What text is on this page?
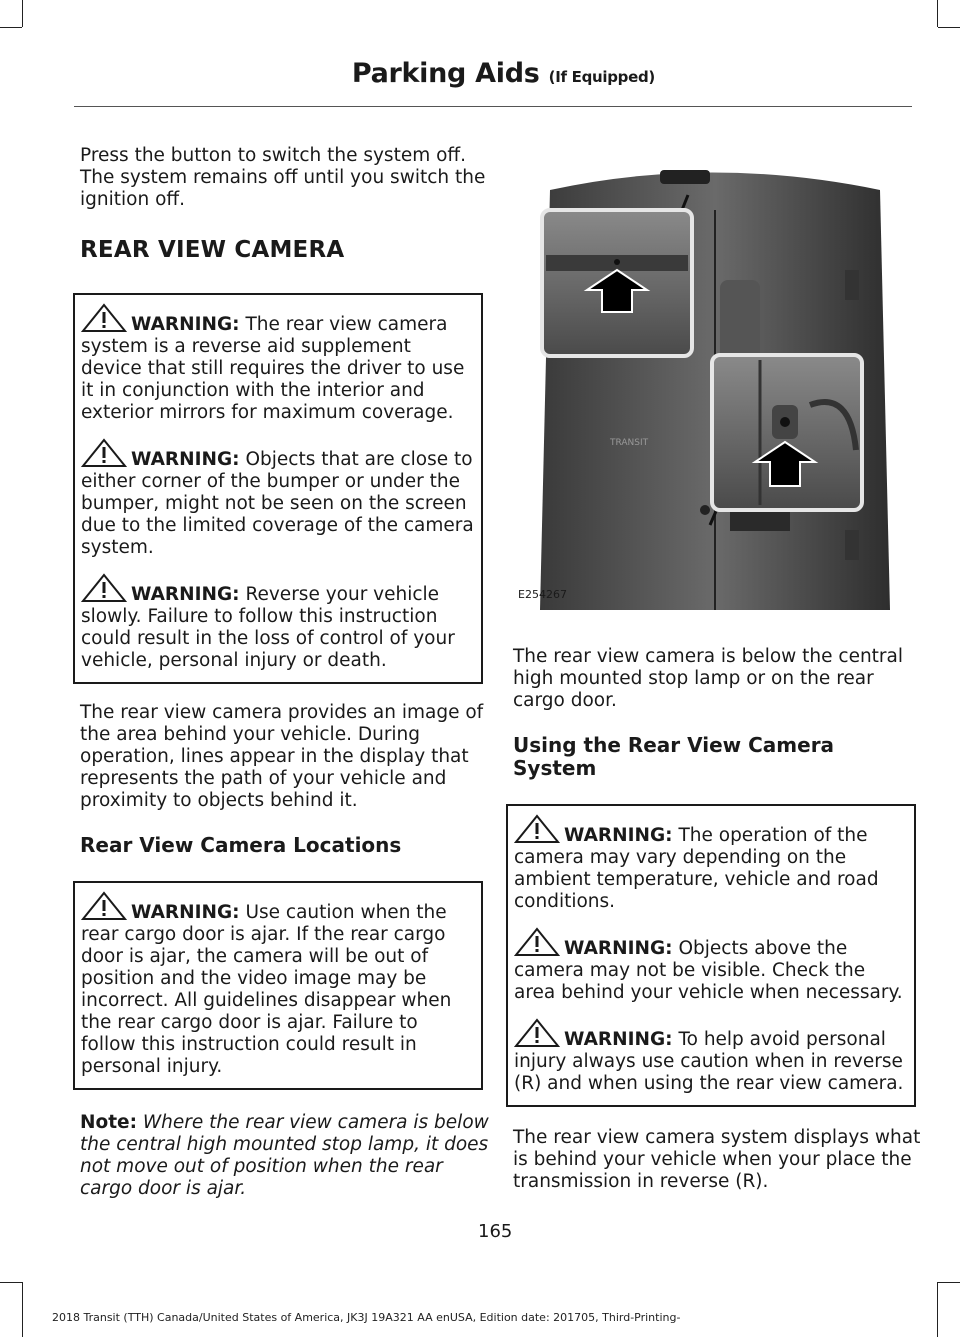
Parking Aids (If Equipped)

Press the button to switch the system off. The system remains off until you switch the ignition off.

REAR VIEW CAMERA
WARNING: The rear view camera system is a reverse aid supplement device that still requires the driver to use it in conjunction with the interior and exterior mirrors for maximum coverage.
WARNING: Objects that are close to either corner of the bumper or under the bumper, might not be seen on the screen due to the limited coverage of the camera system.
WARNING: Reverse your vehicle slowly. Failure to follow this instruction could result in the loss of control of your vehicle, personal injury or death.

The rear view camera provides an image of the area behind your vehicle. During operation, lines appear in the display that represents the path of your vehicle and proximity to objects behind it.

Rear View Camera Locations
WARNING: Use caution when the rear cargo door is ajar. If the rear cargo door is ajar, the camera will be out of position and the video image may be incorrect. All guidelines disappear when the rear cargo door is ajar. Failure to follow this instruction could result in personal injury.
Note: Where the rear view camera is below the central high mounted stop lamp, it does not move out of position when the rear cargo door is ajar.
TRANSIT
E254267

The rear view camera is below the central high mounted stop lamp or on the rear cargo door.

Using the Rear View Camera System
WARNING: The operation of the camera may vary depending on the ambient temperature, vehicle and road conditions.
WARNING: Objects above the camera may not be visible. Check the area behind your vehicle when necessary.
WARNING: To help avoid personal injury always use caution when in reverse (R) and when using the rear view camera.

The rear view camera system displays what is behind your vehicle when your place the transmission in reverse (R).

165
2018 Transit (TTH) Canada/United States of America, JK3J 19A321 AA enUSA, Edition date: 201705, Third-Printing-
